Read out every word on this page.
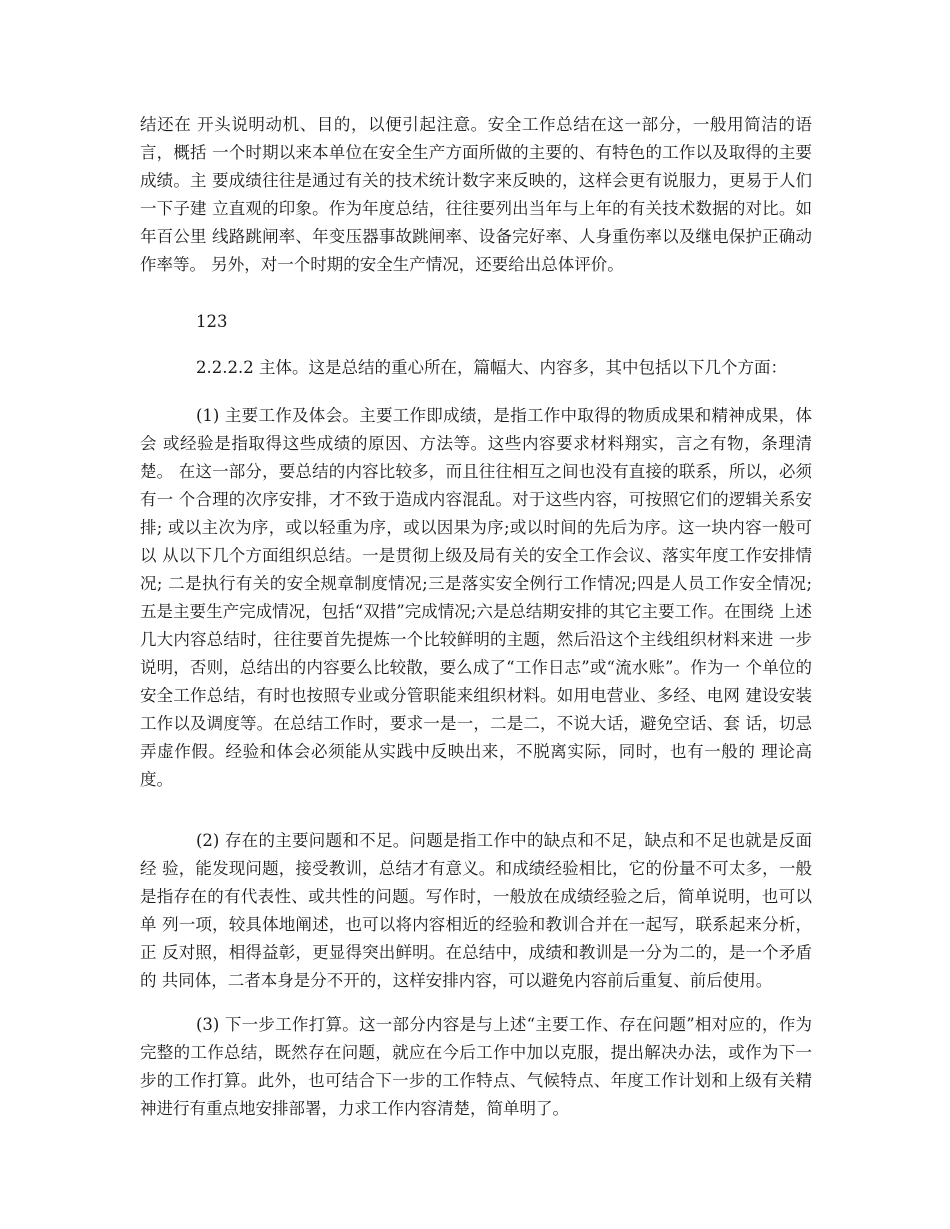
结还在 开头说明动机、目的，以便引起注意。安全工作总结在这一部分，一般用简洁的语言，概括 一个时期以来本单位在安全生产方面所做的主要的、有特色的工作以及取得的主要成绩。主 要成绩往往是通过有关的技术统计数字来反映的，这样会更有说服力，更易于人们一下子建 立直观的印象。作为年度总结，往往要列出当年与上年的有关技术数据的对比。如年百公里 线路跳闸率、年变压器事故跳闸率、设备完好率、人身重伤率以及继电保护正确动作率等。 另外，对一个时期的安全生产情况，还要给出总体评价。

123

2.2.2.2 主体。这是总结的重心所在，篇幅大、内容多，其中包括以下几个方面：

(1) 主要工作及体会。主要工作即成绩，是指工作中取得的物质成果和精神成果，体会 或经验是指取得这些成绩的原因、方法等。这些内容要求材料翔实，言之有物，条理清楚。 在这一部分，要总结的内容比较多，而且往往相互之间也没有直接的联系，所以，必须有一 个合理的次序安排，才不致于造成内容混乱。对于这些内容，可按照它们的逻辑关系安排; 或以主次为序，或以轻重为序，或以因果为序;或以时间的先后为序。这一块内容一般可以 从以下几个方面组织总结。一是贯彻上级及局有关的安全工作会议、落实年度工作安排情况; 二是执行有关的安全规章制度情况;三是落实安全例行工作情况;四是人员工作安全情况; 五是主要生产完成情况，包括“双措”完成情况;六是总结期安排的其它主要工作。在围绕 上述几大内容总结时，往往要首先提炼一个比较鲜明的主题，然后沿这个主线组织材料来进 一步说明，否则，总结出的内容要么比较散，要么成了“工作日志”或“流水账”。作为一 个单位的安全工作总结，有时也按照专业或分管职能来组织材料。如用电营业、多经、电网 建设安装工作以及调度等。在总结工作时，要求一是一，二是二，不说大话，避免空话、套 话，切忌弄虚作假。经验和体会必须能从实践中反映出来，不脱离实际，同时，也有一般的 理论高度。

(2) 存在的主要问题和不足。问题是指工作中的缺点和不足，缺点和不足也就是反面经 验，能发现问题，接受教训，总结才有意义。和成绩经验相比，它的份量不可太多，一般是指存在的有代表性、或共性的问题。写作时，一般放在成绩经验之后，简单说明，也可以单 列一项，较具体地阐述，也可以将内容相近的经验和教训合并在一起写，联系起来分析，正 反对照，相得益彰，更显得突出鲜明。在总结中，成绩和教训是一分为二的，是一个矛盾的 共同体，二者本身是分不开的，这样安排内容，可以避免内容前后重复、前后使用。

(3) 下一步工作打算。这一部分内容是与上述“主要工作、存在问题”相对应的，作为 完整的工作总结，既然存在问题，就应在今后工作中加以克服，提出解决办法，或作为下一 步的工作打算。此外，也可结合下一步的工作特点、气候特点、年度工作计划和上级有关精神进行有重点地安排部署，力求工作内容清楚，简单明了。
